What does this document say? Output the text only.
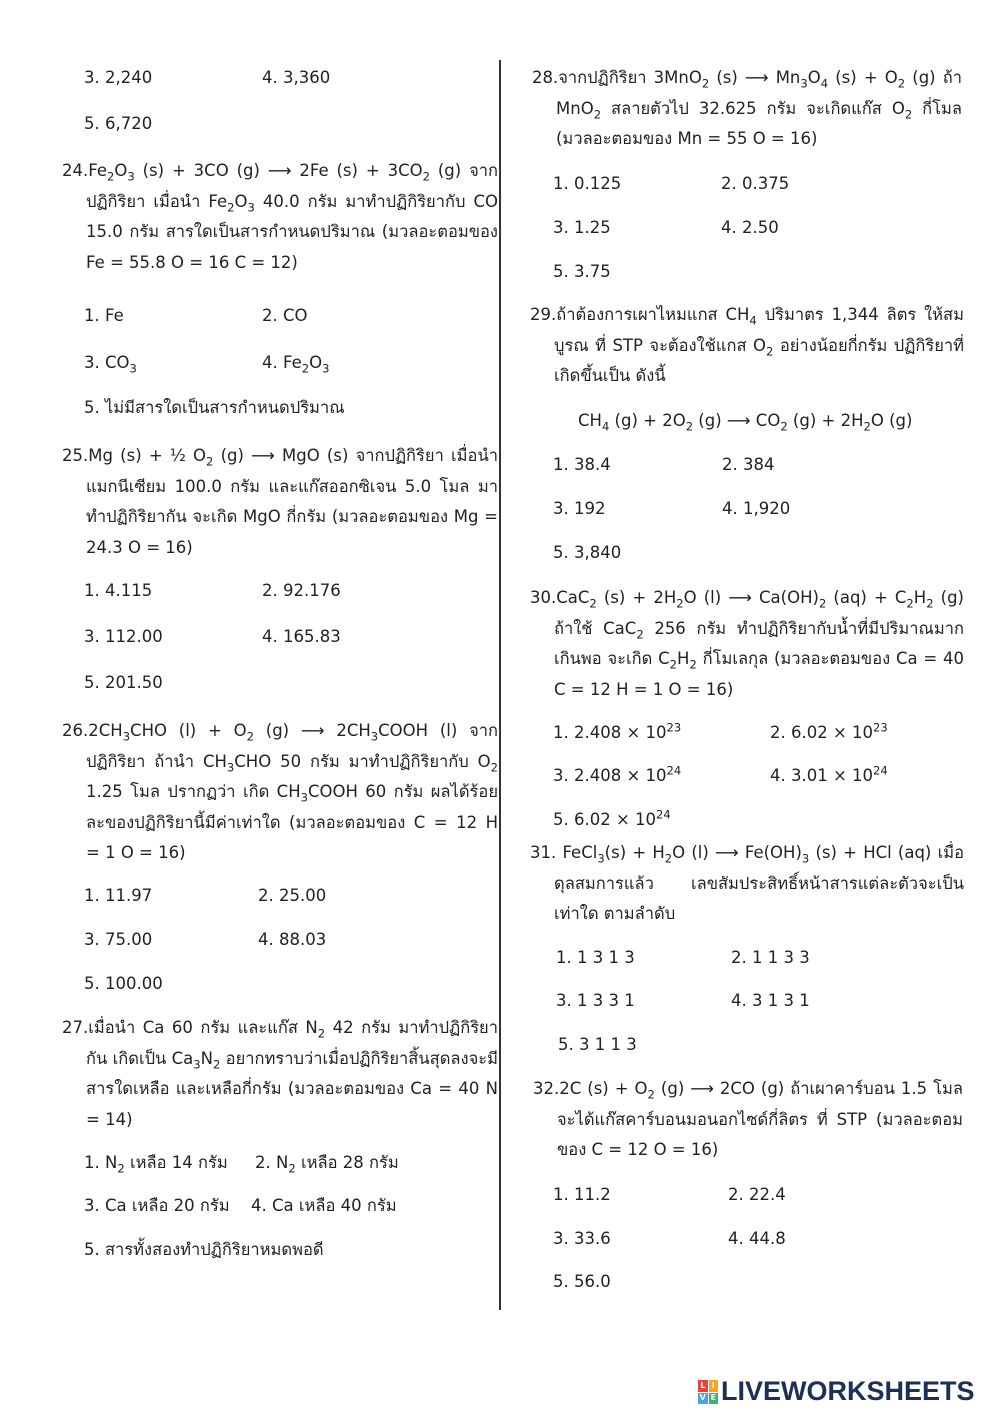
3. 2,240	4. 3,360
5. 6,720
$24.Fe_2O_3$ (s) + 3CO (g) ⟶ 2Fe $(s) + 3CO_2$ (g) จาก ปฏิกิริยา เมื่อนำ $Fe_2O_3$ 40.0 กรัม มาทำปฏิกิริยากับ CO 15.0 กรัม สารใดเป็นสารกำหนดปริมาณ (มวลอะตอมของ Fe = 55.8 O = 16 C = 12)
1. Fe	2. CO
3. $CO_3$	4. $Fe_2O_3$
5. ไม่มีสารใดเป็นสารกำหนดปริมาณ
25.Mg (s) + ½ $O_2$ (g) ⟶ MgO (s) จากปฏิกิริยา เมื่อนำแมกนีเซียม 100.0 กรัม และแก๊สออกซิเจน 5.0 โมล มาทำปฏิกิริยากัน จะเกิด MgO กี่กรัม (มวลอะตอมของ Mg = 24.3 O = 16)
1. 4.115	2. 92.176
3. 112.00	4. 165.83
5. 201.50
$26.2CH_3CHO$ $(l) + O_2$ (g) ⟶ $2CH_3COOH$ (l) จาก ปฏิกิริยา ถ้านำ $CH_3CHO$ 50 กรัม มาทำปฏิกิริยากับ $O_2$ 1.25 โมล ปรากฏว่า เกิด $CH_3COOH$ 60 กรัม ผลได้ร้อยละของปฏิกิริยานี้มีค่าเท่าใด (มวลอะตอมของ C = 12 H = 1 O = 16)
1. 11.97	2. 25.00
3. 75.00	4. 88.03
5. 100.00
27.เมื่อนำ Ca 60 กรัม และแก๊ส $N_2$ 42 กรัม มาทำปฏิกิริยากัน เกิดเป็น $Ca_3N_2$ อยากทราบว่าเมื่อปฏิกิริยาสิ้นสุดลงจะมีสารใดเหลือ และเหลือกี่กรัม (มวลอะตอมของ Ca = 40 N = 14)
1. $N_2$ เหลือ 14 กรัม 2. $N_2$ เหลือ 28 กรัม
3. Ca เหลือ 20 กรัม 4. Ca เหลือ 40 กรัม
5. สารทั้งสองทำปฏิกิริยาหมดพอดี
28.จากปฏิกิริยา 3MnO$_2$ (s) ⟶ $Mn_3O_4$ $(s) + O_2$ (g) ถ้า MnO$_2$ สลายตัวไป 32.625 กรัม จะเกิดแก๊ส $O_2$ กี่โมล (มวลอะตอมของ Mn = 55 O = 16)
1. 0.125	2. 0.375
3. 1.25	4. 2.50
5. 3.75
29.ถ้าต้องการเผาไหมแกส $CH_4$ ปริมาตร 1,344 ลิตร ให้สมบูรณ ที่ STP จะต้องใช้แกส $O_2$ อย่างน้อยกี่กรัม ปฏิกิริยาที่เกิดขึ้นเป็น ดังนี้
$CH_4$ $(g) + 2O_2$ (g) ⟶ $CO_2$ $(g) + 2H_2O$ (g)
1. 38.4	2. 384
3. 192	4. 1,920
5. 3,840
30.CaC$_2$ $(s) + 2H_2O$ (l) ⟶ $Ca(OH)_2$ $(aq) + C_2H_2$ (g) ถ้าใช้ CaC$_2$ 256 กรัม ทำปฏิกิริยากับน้ำที่มีปริมาณมากเกินพอ จะเกิด $C_2H_2$ กี่โมเลกุล (มวลอะตอมของ Ca = 40 C = 12 H = 1 O = 16)
1. $2.408 \times 10^{23}$	2. $6.02 \times 10^{23}$
3. $2.408 \times 10^{24}$	4. $3.01 \times 10^{24}$
5. $6.02 \times 10^{24}$
31. FeCl$_3$(s) + $H_2O$ (l) ⟶ $Fe(OH)_3$ (s) + HCl (aq) เมื่อดุลสมการแล้ว เลขสัมประสิทธิ์หน้าสารแต่ละตัวจะเป็นเท่าใด ตามลำดับ
1. 1 3 1 3	2. 1 1 3 3
3. 1 3 3 1	4. 3 1 3 1
5. 3 1 1 3
32.2C $(s) + O_2$ (g) ⟶ 2CO (g) ถ้าเผาคาร์บอน 1.5 โมล จะได้แก๊สคาร์บอนมอนอกไซด์กี่ลิตร ที่ STP (มวลอะตอมของ C = 12 O = 16)
1. 11.2	2. 22.4
3. 33.6	4. 44.8
5. 56.0
L I
V E LIVEWORKSHEETS
